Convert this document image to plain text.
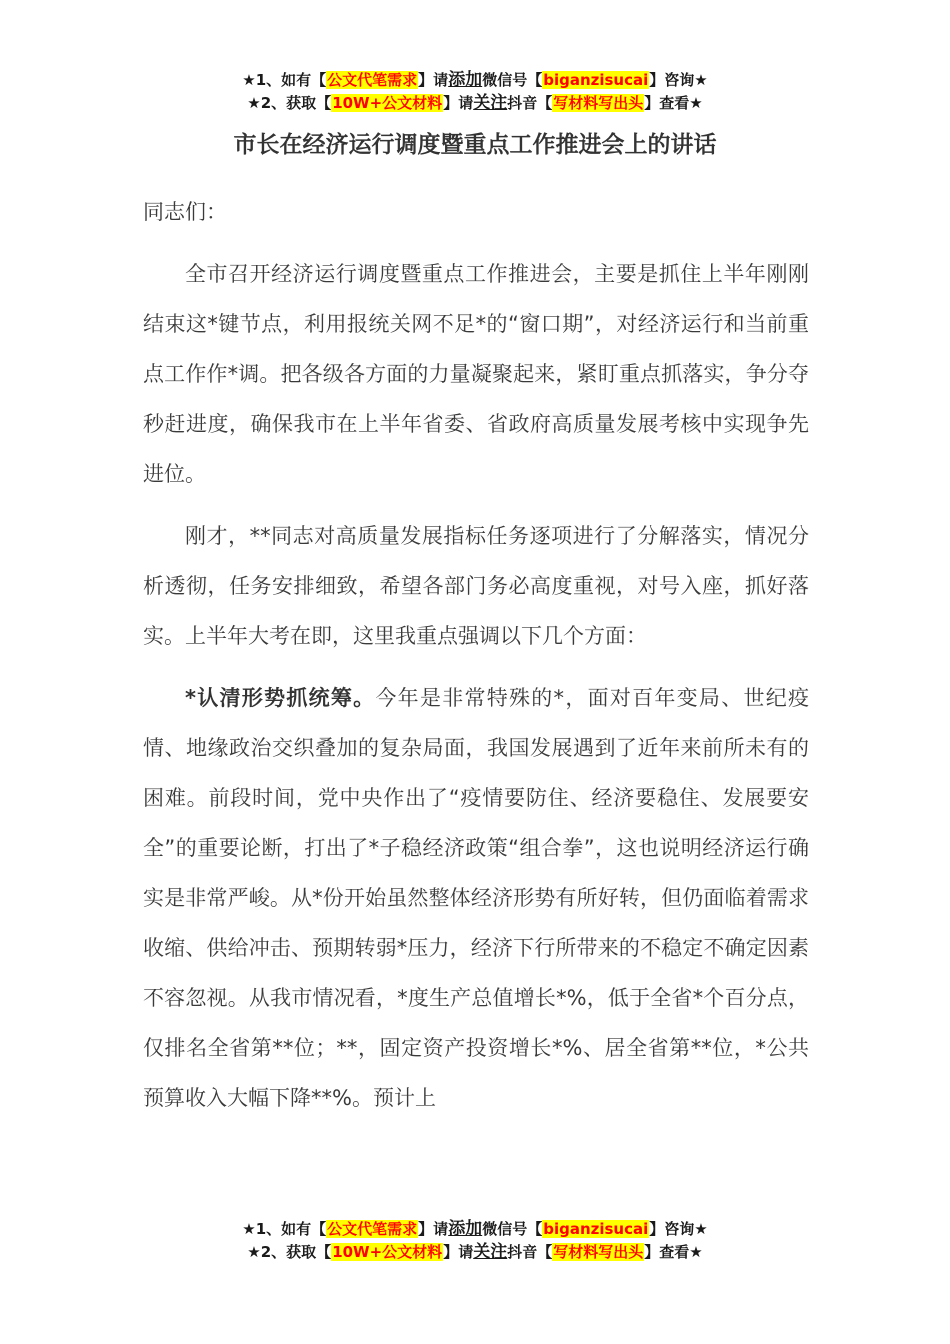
★1、如有【公文代笔需求】请添加微信号【biganzisucai】咨询★
★2、获取【10W+公文材料】请关注抖音【写材料写出头】查看★
市长在经济运行调度暨重点工作推进会上的讲话

同志们：

全市召开经济运行调度暨重点工作推进会，主要是抓住上半年刚刚结束这*键节点，利用报统关网不足*的“窗口期”，对经济运行和当前重点工作作*调。把各级各方面的力量凝聚起来，紧盯重点抓落实，争分夺秒赶进度，确保我市在上半年省委、省政府高质量发展考核中实现争先进位。

刚才，**同志对高质量发展指标任务逐项进行了分解落实，情况分析透彻，任务安排细致，希望各部门务必高度重视，对号入座，抓好落实。上半年大考在即，这里我重点强调以下几个方面：

*认清形势抓统筹。今年是非常特殊的*，面对百年变局、世纪疫情、地缘政治交织叠加的复杂局面，我国发展遇到了近年来前所未有的困难。前段时间，党中央作出了“疫情要防住、经济要稳住、发展要安全”的重要论断，打出了*子稳经济政策“组合拳”，这也说明经济运行确实是非常严峻。从*份开始虽然整体经济形势有所好转，但仍面临着需求收缩、供给冲击、预期转弱*压力，经济下行所带来的不稳定不确定因素不容忽视。从我市情况看，*度生产总值增长*%，低于全省*个百分点，仅排名全省第**位；**，固定资产投资增长*%、居全省第**位，*公共预算收入大幅下降**%。预计上

★1、如有【公文代笔需求】请添加微信号【biganzisucai】咨询★
★2、获取【10W+公文材料】请关注抖音【写材料写出头】查看★
